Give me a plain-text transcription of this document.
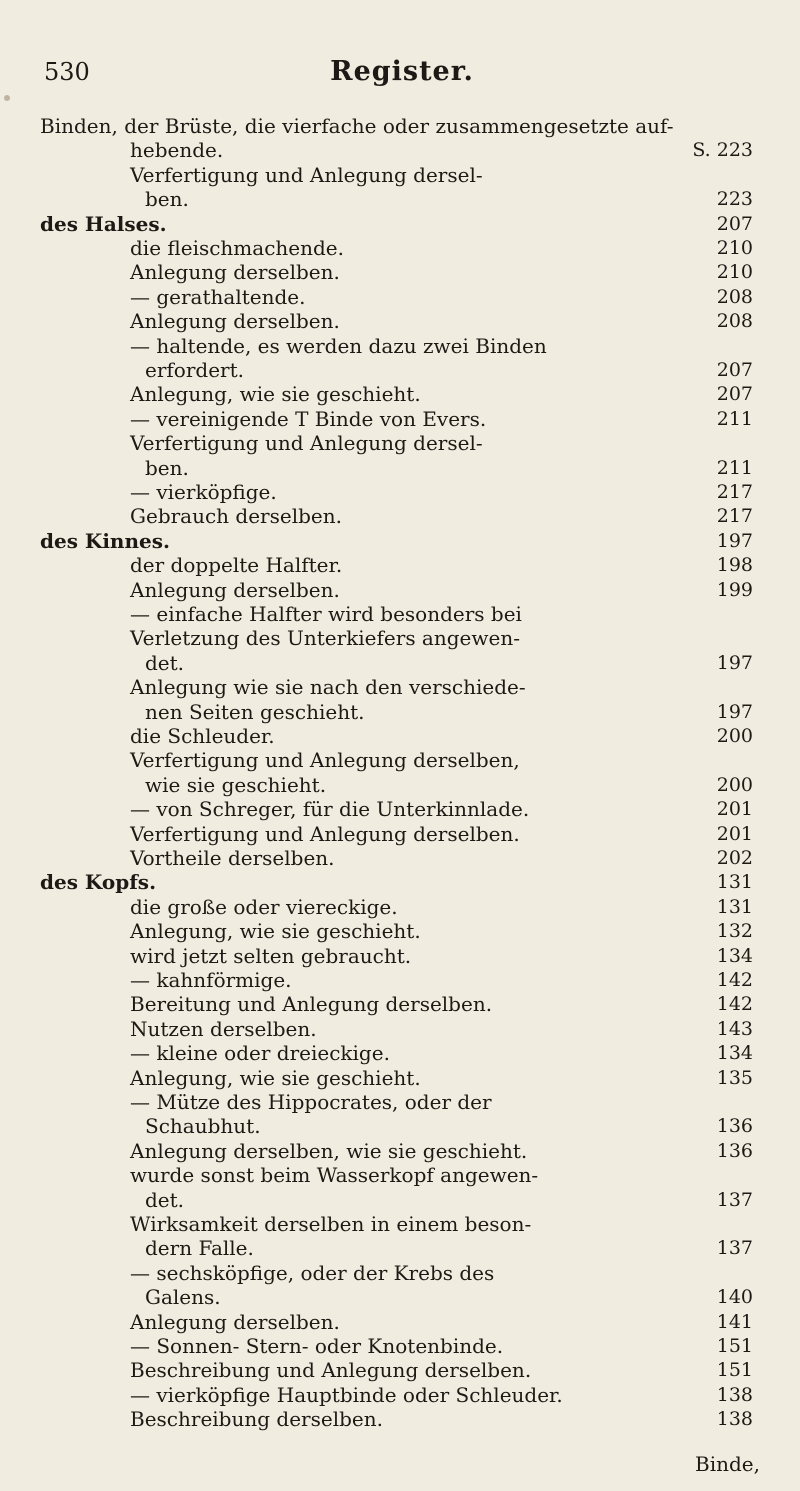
530	Register.
Binden, der Brüste, die vierfache oder zusammengesetzte auf-
hebende.	S. 223
Verfertigung und Anlegung dersel-
ben.	223
des Halses.	207
die fleischmachende.	210
Anlegung derselben.	210
— gerathaltende.	208
Anlegung derselben.	208
— haltende, es werden dazu zwei Binden
erfordert.	207
Anlegung, wie sie geschieht.	207
— vereinigende T Binde von Evers.	211
Verfertigung und Anlegung dersel-
ben.	211
— vierköpfige.	217
Gebrauch derselben.	217
des Kinnes.	197
der doppelte Halfter.	198
Anlegung derselben.	199
— einfache Halfter wird besonders bei
Verletzung des Unterkiefers angewen-
det.	197
Anlegung wie sie nach den verschiede-
nen Seiten geschieht.	197
die Schleuder.	200
Verfertigung und Anlegung derselben,
wie sie geschieht.	200
— von Schreger, für die Unterkinnlade.	201
Verfertigung und Anlegung derselben.	201
Vortheile derselben.	202
des Kopfs.	131
die große oder viereckige.	131
Anlegung, wie sie geschieht.	132
wird jetzt selten gebraucht.	134
— kahnförmige.	142
Bereitung und Anlegung derselben.	142
Nutzen derselben.	143
— kleine oder dreieckige.	134
Anlegung, wie sie geschieht.	135
— Mütze des Hippocrates, oder der
Schaubhut.	136
Anlegung derselben, wie sie geschieht.	136
wurde sonst beim Wasserkopf angewen-
det.	137
Wirksamkeit derselben in einem beson-
dern Falle.	137
— sechsköpfige, oder der Krebs des
Galens.	140
Anlegung derselben.	141
— Sonnen- Stern- oder Knotenbinde.	151
Beschreibung und Anlegung derselben.	151
— vierköpfige Hauptbinde oder Schleuder.	138
Beschreibung derselben.	138
Binde,
